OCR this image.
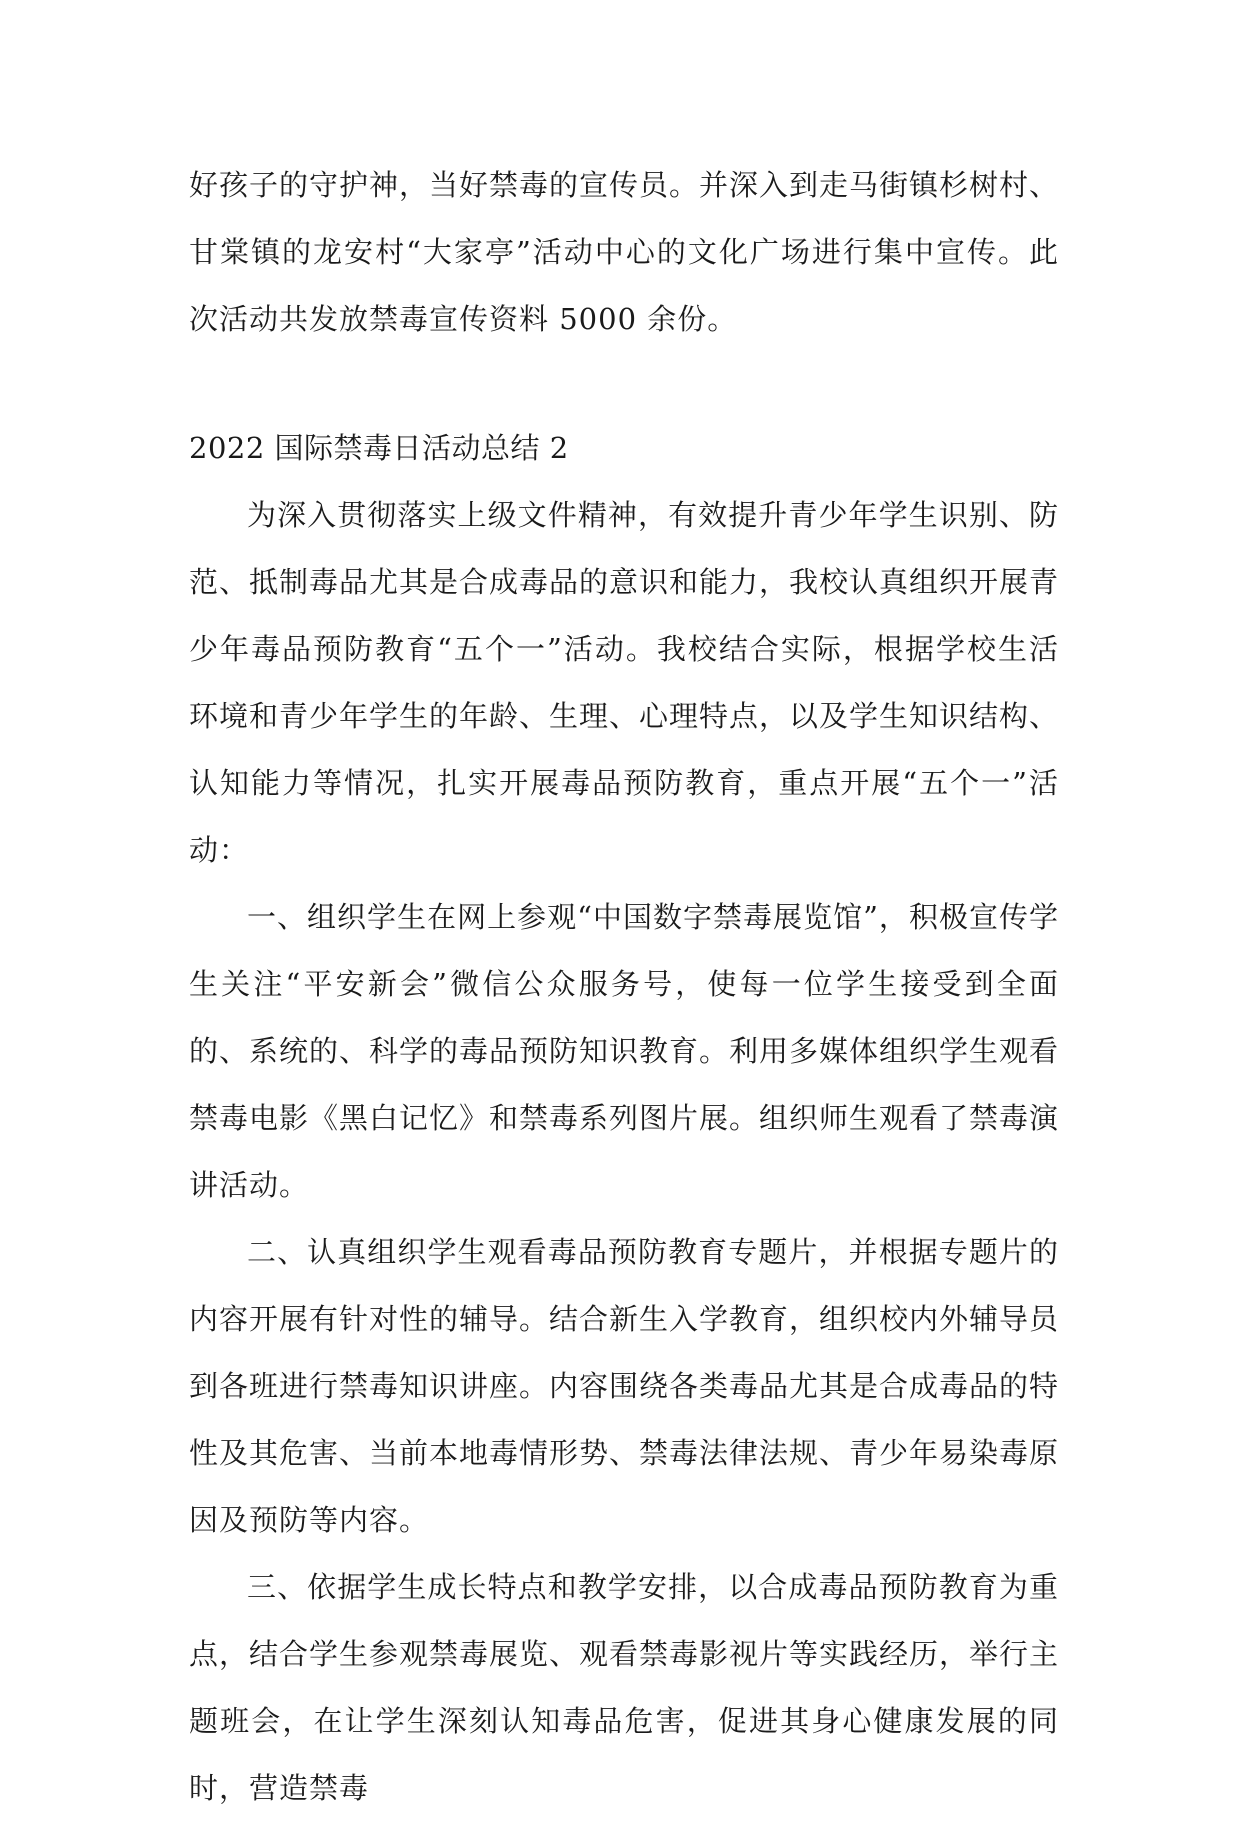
好孩子的守护神，当好禁毒的宣传员。并深入到走马街镇杉树村、甘棠镇的龙安村“大家亭”活动中心的文化广场进行集中宣传。此次活动共发放禁毒宣传资料 5000 余份。

2022 国际禁毒日活动总结 2

为深入贯彻落实上级文件精神，有效提升青少年学生识别、防范、抵制毒品尤其是合成毒品的意识和能力，我校认真组织开展青少年毒品预防教育“五个一”活动。我校结合实际，根据学校生活环境和青少年学生的年龄、生理、心理特点，以及学生知识结构、认知能力等情况，扎实开展毒品预防教育，重点开展“五个一”活动：

一、组织学生在网上参观“中国数字禁毒展览馆”，积极宣传学生关注“平安新会”微信公众服务号，使每一位学生接受到全面的、系统的、科学的毒品预防知识教育。利用多媒体组织学生观看禁毒电影《黑白记忆》和禁毒系列图片展。组织师生观看了禁毒演讲活动。

二、认真组织学生观看毒品预防教育专题片，并根据专题片的内容开展有针对性的辅导。结合新生入学教育，组织校内外辅导员到各班进行禁毒知识讲座。内容围绕各类毒品尤其是合成毒品的特性及其危害、当前本地毒情形势、禁毒法律法规、青少年易染毒原因及预防等内容。

三、依据学生成长特点和教学安排，以合成毒品预防教育为重点，结合学生参观禁毒展览、观看禁毒影视片等实践经历，举行主题班会，在让学生深刻认知毒品危害，促进其身心健康发展的同时，营造禁毒
